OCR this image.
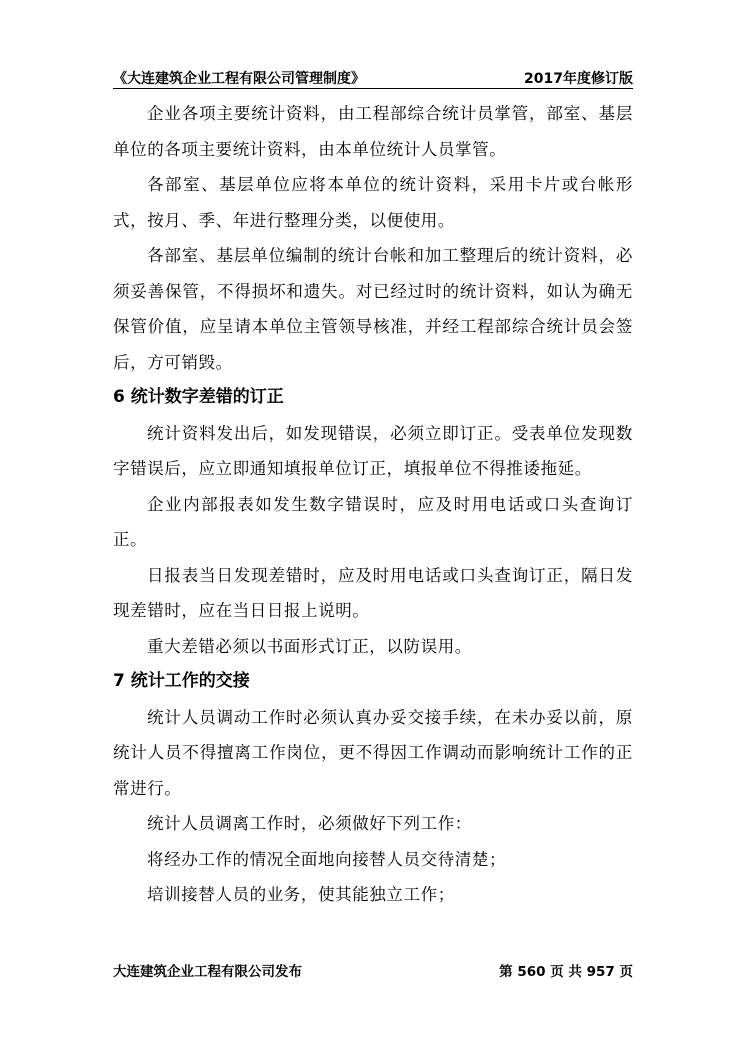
《大连建筑企业工程有限公司管理制度》	2017年度修订版

企业各项主要统计资料，由工程部综合统计员掌管，部室、基层单位的各项主要统计资料，由本单位统计人员掌管。

各部室、基层单位应将本单位的统计资料，采用卡片或台帐形式，按月、季、年进行整理分类，以便使用。

各部室、基层单位编制的统计台帐和加工整理后的统计资料，必须妥善保管，不得损坏和遗失。对已经过时的统计资料，如认为确无保管价值，应呈请本单位主管领导核准，并经工程部综合统计员会签后，方可销毁。

6 统计数字差错的订正

统计资料发出后，如发现错误，必须立即订正。受表单位发现数字错误后，应立即通知填报单位订正，填报单位不得推诿拖延。

企业内部报表如发生数字错误时，应及时用电话或口头查询订正。

日报表当日发现差错时，应及时用电话或口头查询订正，隔日发现差错时，应在当日日报上说明。

重大差错必须以书面形式订正，以防误用。

7 统计工作的交接

统计人员调动工作时必须认真办妥交接手续，在未办妥以前，原统计人员不得擅离工作岗位，更不得因工作调动而影响统计工作的正常进行。

统计人员调离工作时，必须做好下列工作：

将经办工作的情况全面地向接替人员交待清楚；

培训接替人员的业务，使其能独立工作；

大连建筑企业工程有限公司发布	第 560 页 共 957 页
